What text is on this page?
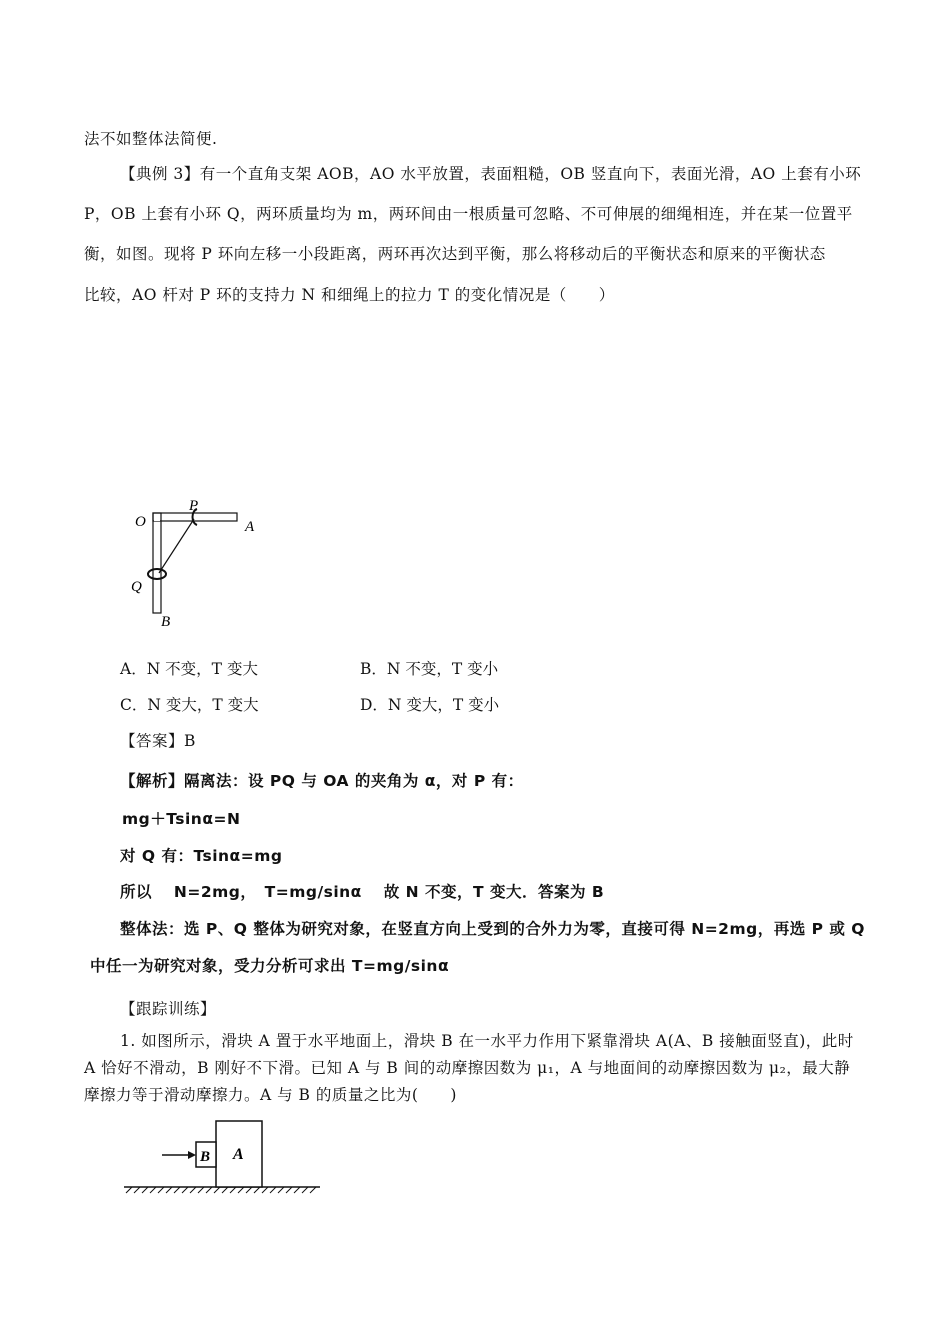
法不如整体法简便.
【典例 3】有一个直角支架 AOB，AO 水平放置，表面粗糙，OB 竖直向下，表面光滑，AO 上套有小环
P，OB 上套有小环 Q，两环质量均为 m，两环间由一根质量可忽略、不可伸展的细绳相连，并在某一位置平
衡，如图。现将 P 环向左移一小段距离，两环再次达到平衡，那么将移动后的平衡状态和原来的平衡状态
比较，AO 杆对 P 环的支持力 N 和细绳上的拉力 T 的变化情况是（　　）
O
P
A
Q
B
A．N 不变，T 变大	B．N 不变，T 变小
C．N 变大，T 变大	D．N 变大，T 变小
【答案】B
【解析】隔离法：设 PQ 与 OA 的夹角为 α，对 P 有：
mg＋Tsinα=N
对 Q 有：Tsinα=mg
所以　 N=2mg，　T=mg/sinα　 故 N 不变，T 变大．答案为 B
整体法：选 P、Q 整体为研究对象，在竖直方向上受到的合外力为零，直接可得 N=2mg，再选 P 或 Q
中任一为研究对象，受力分析可求出 T=mg/sinα
【跟踪训练】
1. 如图所示，滑块 A 置于水平地面上，滑块 B 在一水平力作用下紧靠滑块 A(A、B 接触面竖直)，此时
A 恰好不滑动，B 刚好不下滑。已知 A 与 B 间的动摩擦因数为 μ₁，A 与地面间的动摩擦因数为 μ₂，最大静
摩擦力等于滑动摩擦力。A 与 B 的质量之比为(　　)
B A
